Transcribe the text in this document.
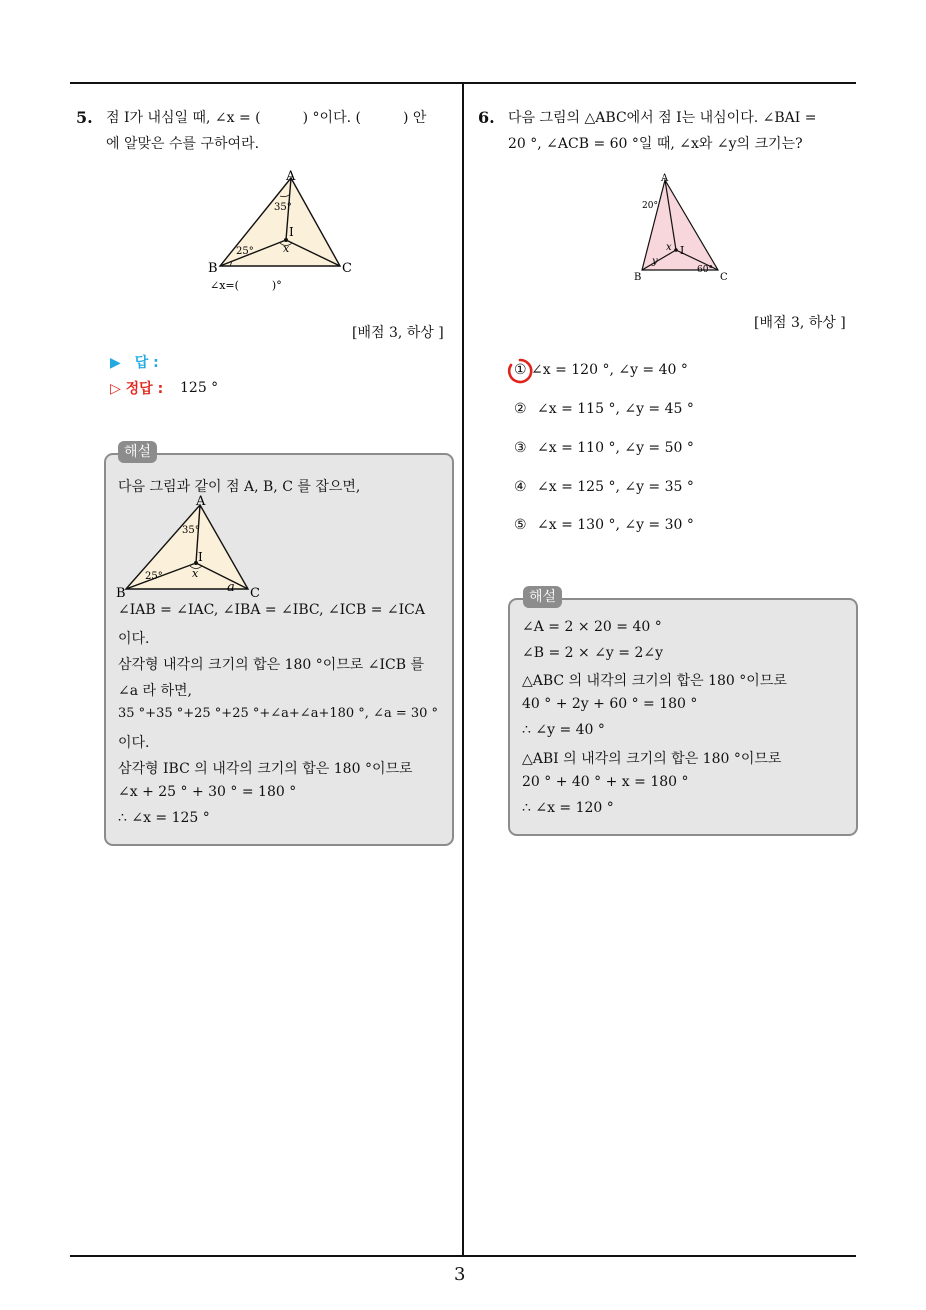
3
5. 점 I가 내심일 때, ∠x = (　　　) °이다. (　　　) 안
에 알맞은 수를 구하여라.
A
B	C
I
35°
25°	x
∠x=(　　　)°
[배점 3, 하상 ]
▶　답 :
▷ 정답 : 125 °
해설
다음 그림과 같이 점 A, B, C 를 잡으면,
A
B	C
I
35°
25°	x
a
∠IAB = ∠IAC, ∠IBA = ∠IBC, ∠ICB = ∠ICA
이다.
삼각형 내각의 크기의 합은 180 °이므로 ∠ICB 를
∠a 라 하면,
35 °+35 °+25 °+25 °+∠a+∠a+180 °, ∠a = 30 °
이다.
삼각형 IBC 의 내각의 크기의 합은 180 °이므로
∠x + 25 ° + 30 ° = 180 °
∴ ∠x = 125 °
6. 다음 그림의 △ABC에서 점 I는 내심이다. ∠BAI =
20 °, ∠ACB = 60 °일 때, ∠x와 ∠y의 크기는?
A
B	C
I
20°
60°
x
y
[배점 3, 하상 ]
① ∠x = 120 °, ∠y = 40 °
② ∠x = 115 °, ∠y = 45 °
③ ∠x = 110 °, ∠y = 50 °
④ ∠x = 125 °, ∠y = 35 °
⑤ ∠x = 130 °, ∠y = 30 °
해설
∠A = 2 × 20 = 40 °
∠B = 2 × ∠y = 2∠y
△ABC 의 내각의 크기의 합은 180 °이므로
40 ° + 2y + 60 ° = 180 °
∴ ∠y = 40 °
△ABI 의 내각의 크기의 합은 180 °이므로
20 ° + 40 ° + x = 180 °
∴ ∠x = 120 °
